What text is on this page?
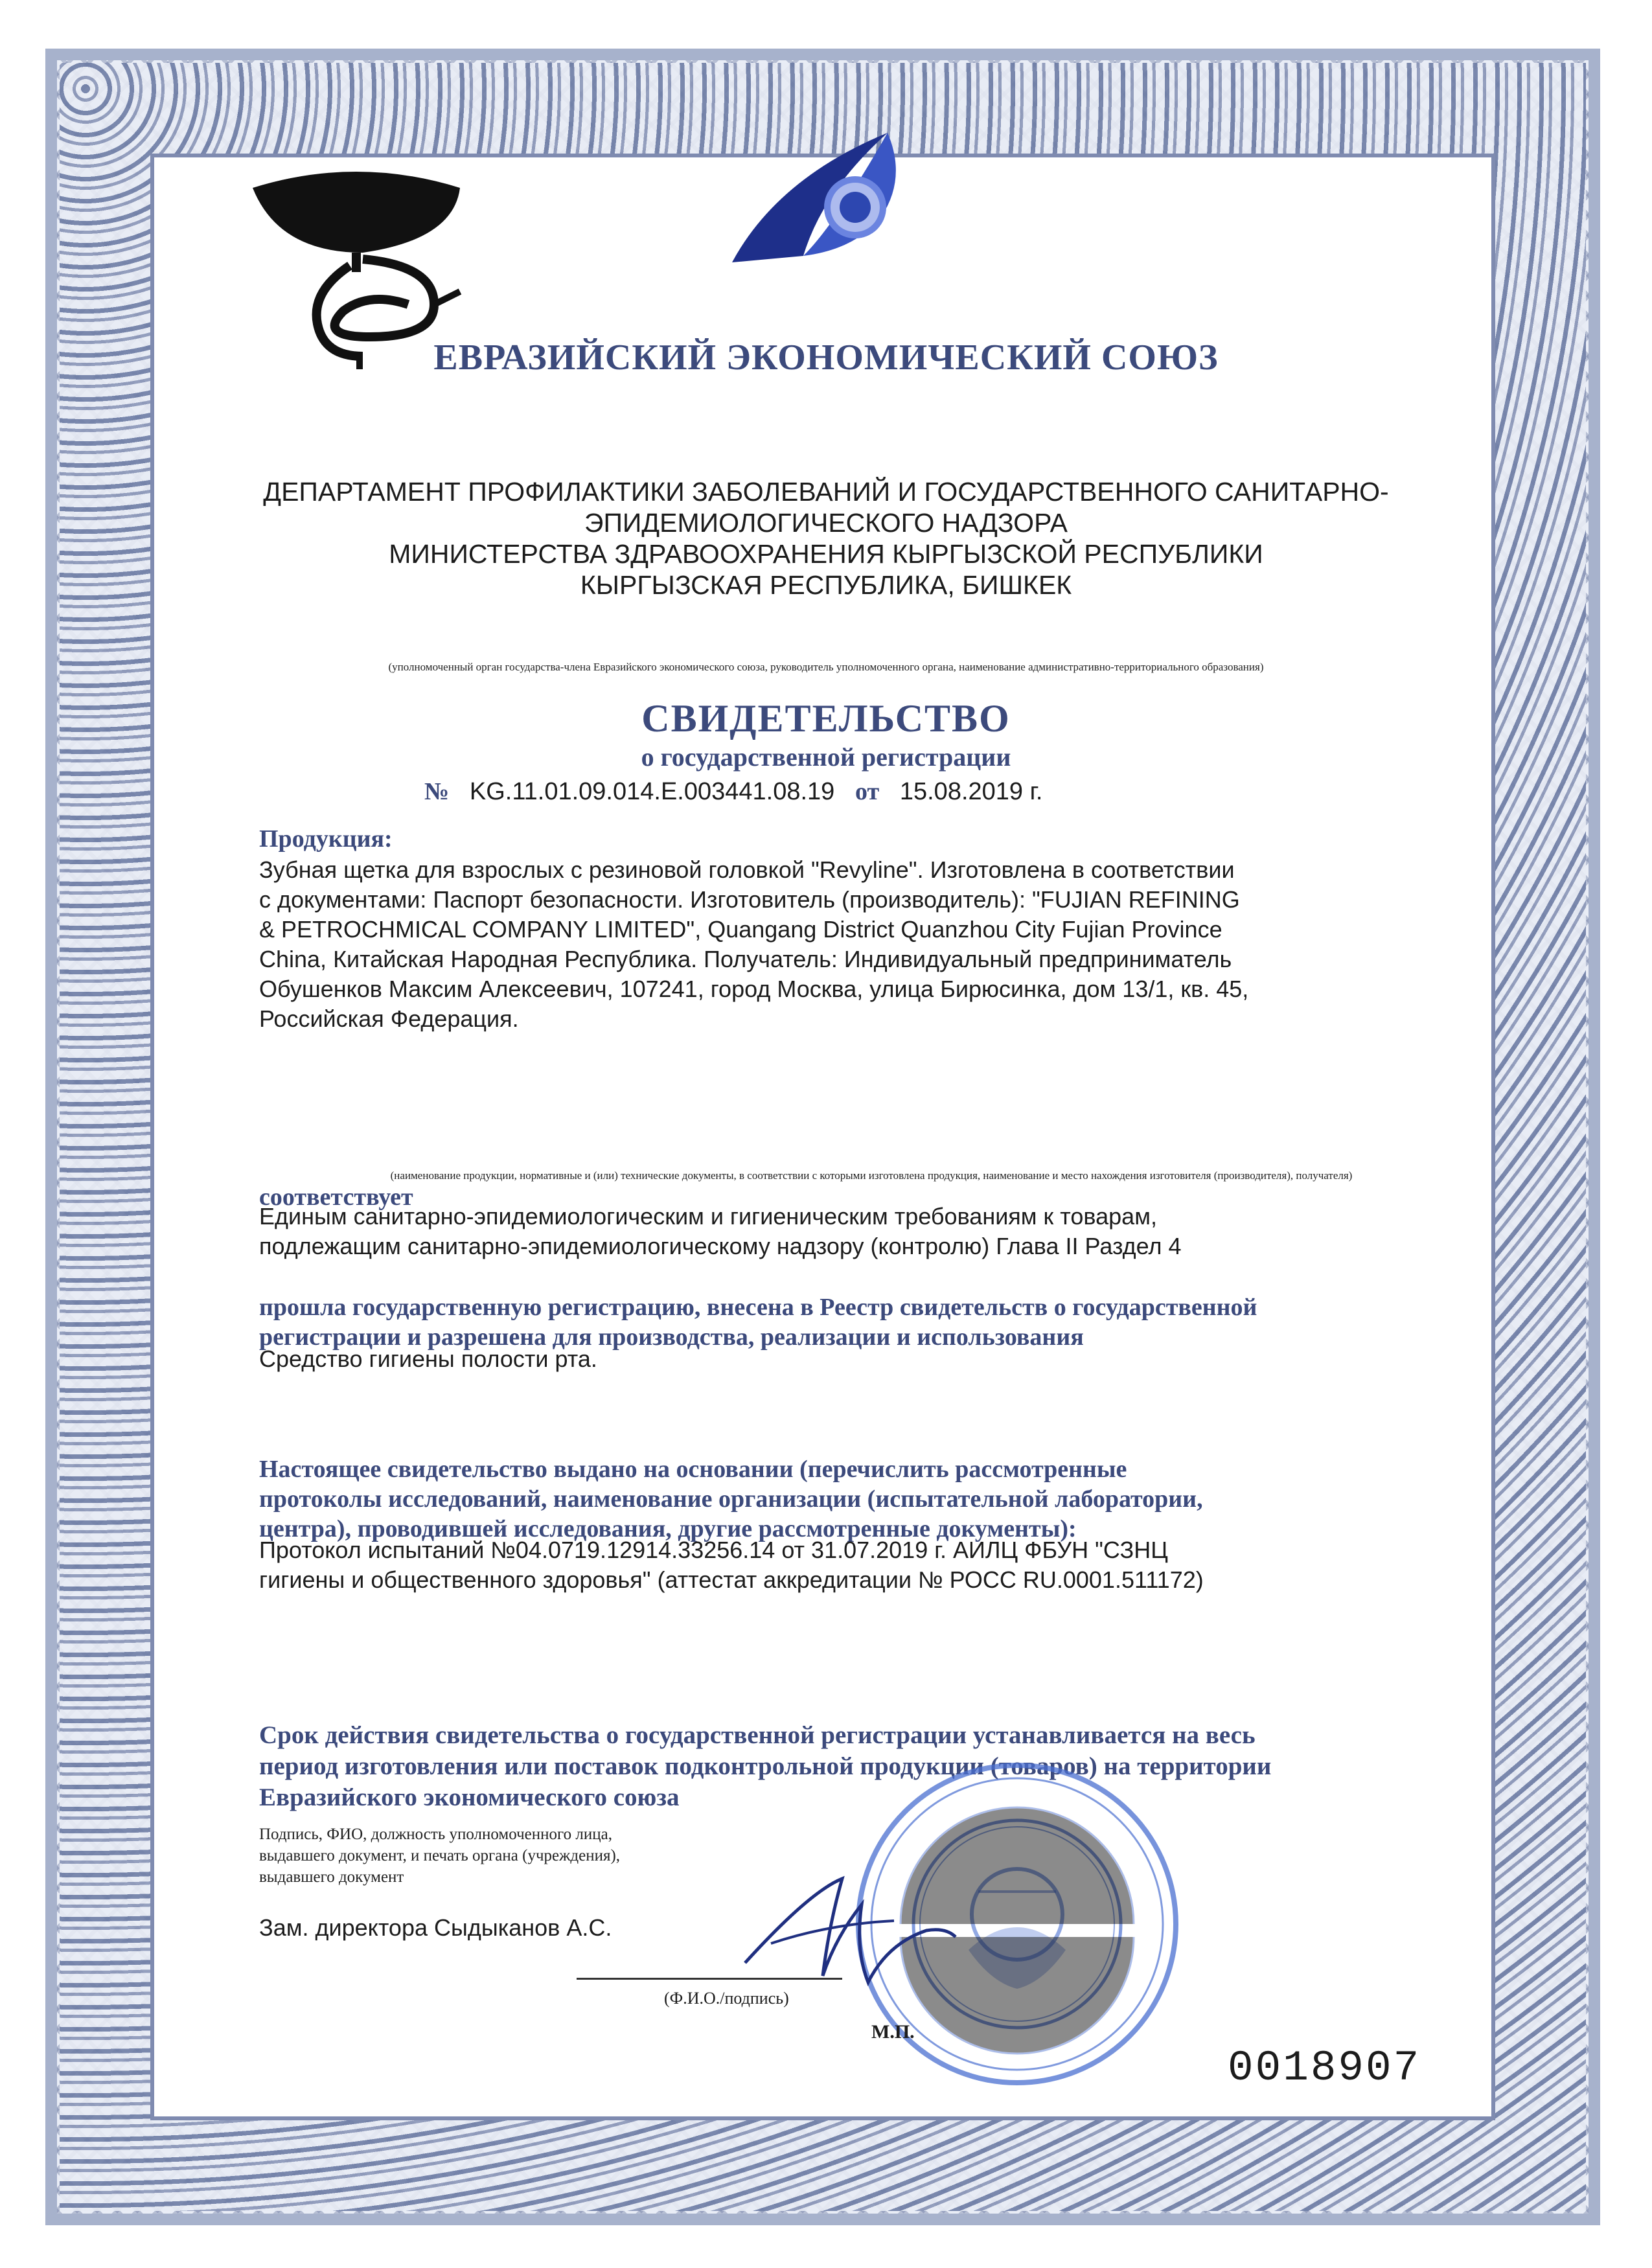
ЕВРАЗИЙСКИЙ ЭКОНОМИЧЕСКИЙ СОЮЗ
ДЕПАРТАМЕНТ ПРОФИЛАКТИКИ ЗАБОЛЕВАНИЙ И ГОСУДАРСТВЕННОГО САНИТАРНО-
ЭПИДЕМИОЛОГИЧЕСКОГО НАДЗОРА
МИНИСТЕРСТВА ЗДРАВООХРАНЕНИЯ КЫРГЫЗСКОЙ РЕСПУБЛИКИ
КЫРГЫЗСКАЯ РЕСПУБЛИКА, БИШКЕК
(уполномоченный орган государства-члена Евразийского экономического союза, руководитель уполномоченного органа, наименование административно-территориального образования)
СВИДЕТЕЛЬСТВО
о государственной регистрации
№ KG.11.01.09.014.E.003441.08.19 от 15.08.2019 г.
Продукция:
Зубная щетка для взрослых с резиновой головкой "Revyline". Изготовлена в соответствии
с документами: Паспорт безопасности. Изготовитель (производитель): "FUJIAN REFINING
& PETROCHMICAL COMPANY LIMITED", Quangang District Quanzhou City Fujian Province
China, Китайская Народная Республика. Получатель: Индивидуальный предприниматель
Обушенков Максим Алексеевич, 107241, город Москва, улица Бирюсинка, дом 13/1, кв. 45,
Российская Федерация.
(наименование продукции, нормативные и (или) технические документы, в соответствии с которыми изготовлена продукция, наименование и место нахождения изготовителя (производителя), получателя)
соответствует
Единым санитарно-эпидемиологическим и гигиеническим требованиям к товарам,
подлежащим санитарно-эпидемиологическому надзору (контролю) Глава II Раздел 4
прошла государственную регистрацию, внесена в Реестр свидетельств о государственной
регистрации и разрешена для производства, реализации и использования
Средство гигиены полости рта.
Настоящее свидетельство выдано на основании (перечислить рассмотренные
протоколы исследований, наименование организации (испытательной лаборатории,
центра), проводившей исследования, другие рассмотренные документы):
Протокол испытаний №04.0719.12914.33256.14 от 31.07.2019 г. АИЛЦ ФБУН "СЗНЦ
гигиены и общественного здоровья" (аттестат аккредитации № РОСС RU.0001.511172)
Срок действия свидетельства о государственной регистрации устанавливается на весь
период изготовления или поставок подконтрольной продукции (товаров) на территории
Евразийского экономического союза
Подпись, ФИО, должность уполномоченного лица,
выдавшего документ, и печать органа (учреждения),
выдавшего документ
Зам. директора Сыдыканов А.С.
(Ф.И.О./подпись)
М.П.
0018907
